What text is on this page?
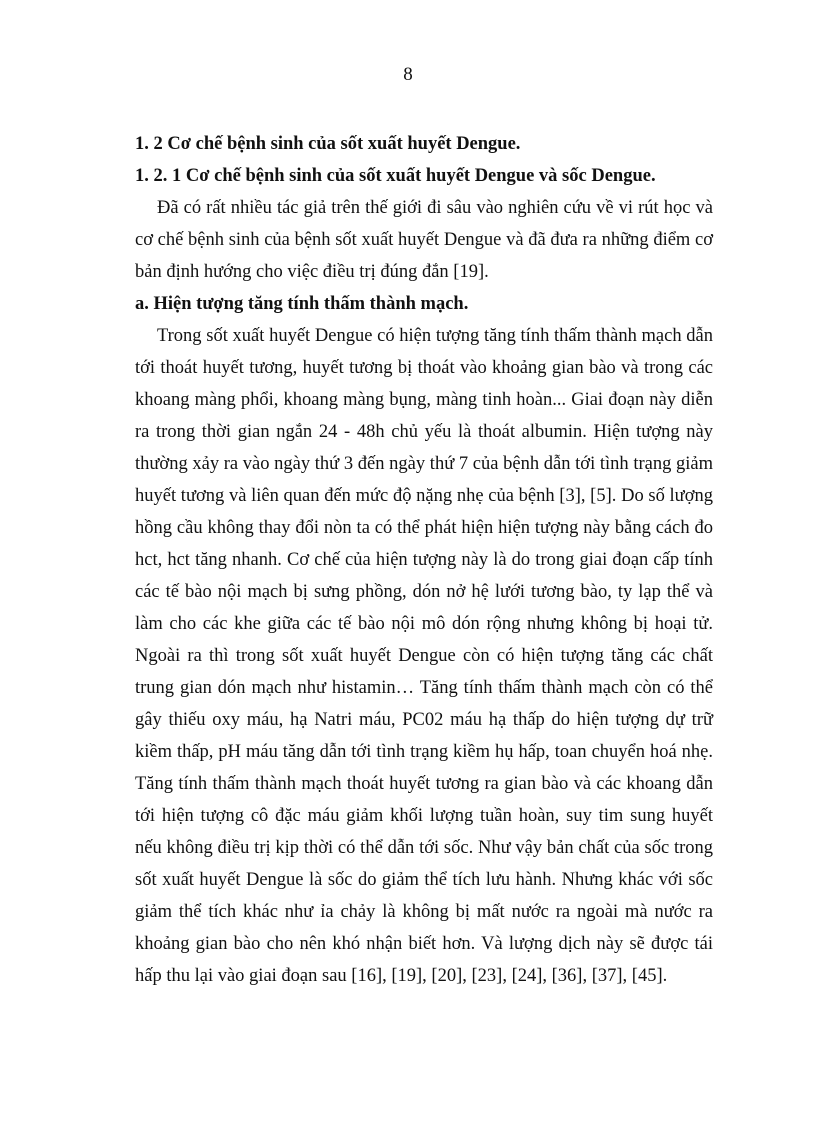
8

1. 2 Cơ chế bệnh sinh của sốt xuất huyết Dengue.

1. 2. 1 Cơ chế bệnh sinh của sốt xuất huyết Dengue và sốc Dengue.

Đã có rất nhiều tác giả trên thế giới đi sâu vào nghiên cứu về vi rút học và cơ chế bệnh sinh của bệnh sốt xuất huyết Dengue và đã đưa ra những điểm cơ bản định hướng cho việc điều trị đúng đắn [19].

a. Hiện tượng tăng tính thấm thành mạch.

Trong sốt xuất huyết Dengue có hiện tượng tăng tính thấm thành mạch dẫn tới thoát huyết tương, huyết tương bị thoát vào khoảng gian bào và trong các khoang màng phổi, khoang màng bụng, màng tinh hoàn... Giai đoạn này diễn ra trong thời gian ngắn 24 - 48h chủ yếu là thoát albumin. Hiện tượng này thường xảy ra vào ngày thứ 3 đến ngày thứ 7 của bệnh dẫn tới tình trạng giảm huyết tương và liên quan đến mức độ nặng nhẹ của bệnh [3], [5]. Do số lượng hồng cầu không thay đổi nòn ta có thể phát hiện hiện tượng này bằng cách đo hct, hct tăng nhanh. Cơ chế của hiện tượng này là do trong giai đoạn cấp tính các tế bào nội mạch bị sưng phồng, dón nở hệ lưới tương bào, ty lạp thể và làm cho các khe giữa các tế bào nội mô dón rộng nhưng không bị hoại tử. Ngoài ra thì trong sốt xuất huyết Dengue còn có hiện tượng tăng các chất trung gian dón mạch như histamin… Tăng tính thấm thành mạch còn có thể gây thiếu oxy máu, hạ Natri máu, PC02 máu hạ thấp do hiện tượng dự trữ kiềm thấp, pH máu tăng dẫn tới tình trạng kiềm hụ hấp, toan chuyển hoá nhẹ. Tăng tính thấm thành mạch thoát huyết tương ra gian bào và các khoang dẫn tới hiện tượng cô đặc máu giảm khối lượng tuần hoàn, suy tim sung huyết nếu không điều trị kịp thời có thể dẫn tới sốc. Như vậy bản chất của sốc trong sốt xuất huyết Dengue là sốc do giảm thể tích lưu hành. Nhưng khác với sốc giảm thể tích khác như ỉa chảy là không bị mất nước ra ngoài mà nước ra khoảng gian bào cho nên khó nhận biết hơn. Và lượng dịch này sẽ được tái hấp thu lại vào giai đoạn sau [16], [19], [20], [23], [24], [36], [37], [45].
